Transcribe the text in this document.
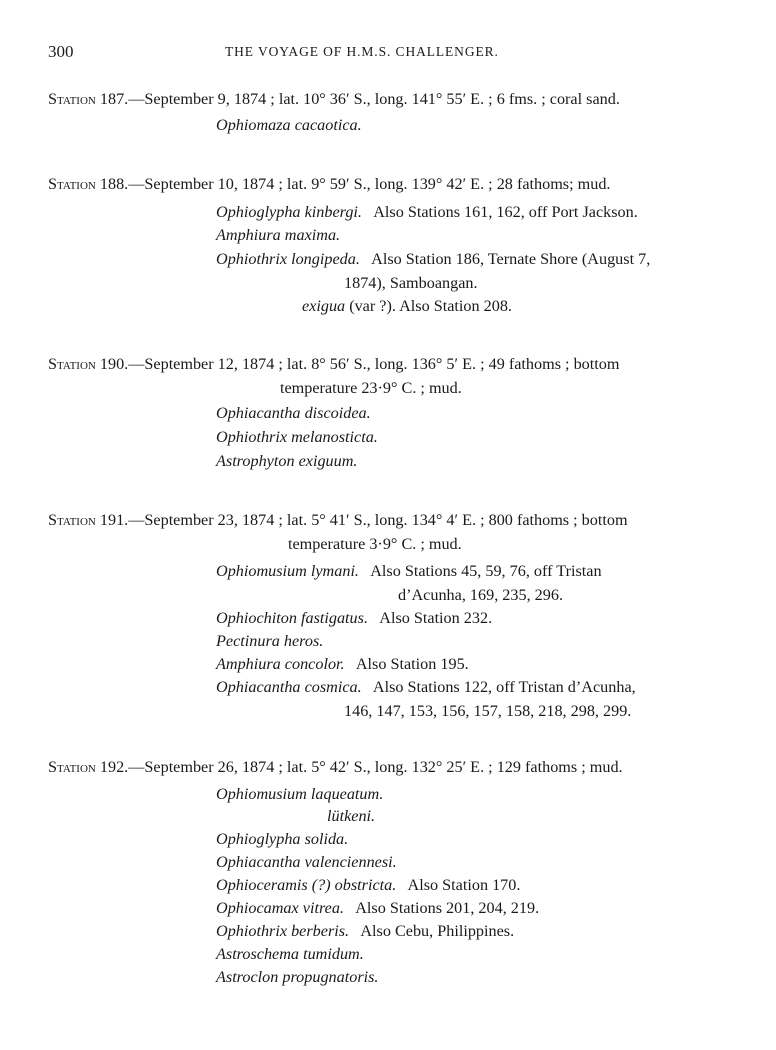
300	THE VOYAGE OF H.M.S. CHALLENGER.
Station 187.—September 9, 1874 ; lat. 10° 36′ S., long. 141° 55′ E. ; 6 fms. ; coral sand.
Ophiomaza cacaotica.
Station 188.—September 10, 1874 ; lat. 9° 59′ S., long. 139° 42′ E. ; 28 fathoms; mud.
Ophioglypha kinbergi. Also Stations 161, 162, off Port Jackson.
Amphiura maxima.
Ophiothrix longipeda. Also Station 186, Ternate Shore (August 7,
1874), Samboangan.
exigua (var ?). Also Station 208.
Station 190.—September 12, 1874 ; lat. 8° 56′ S., long. 136° 5′ E. ; 49 fathoms ; bottom
temperature 23·9° C. ; mud.
Ophiacantha discoidea.
Ophiothrix melanosticta.
Astrophyton exiguum.
Station 191.—September 23, 1874 ; lat. 5° 41′ S., long. 134° 4′ E. ; 800 fathoms ; bottom
temperature 3·9° C. ; mud.
Ophiomusium lymani. Also Stations 45, 59, 76, off Tristan
d’Acunha, 169, 235, 296.
Ophiochiton fastigatus. Also Station 232.
Pectinura heros.
Amphiura concolor. Also Station 195.
Ophiacantha cosmica. Also Stations 122, off Tristan d’Acunha,
146, 147, 153, 156, 157, 158, 218, 298, 299.
Station 192.—September 26, 1874 ; lat. 5° 42′ S., long. 132° 25′ E. ; 129 fathoms ; mud.
Ophiomusium laqueatum.
lütkeni.
Ophioglypha solida.
Ophiacantha valenciennesi.
Ophioceramis (?) obstricta. Also Station 170.
Ophiocamax vitrea. Also Stations 201, 204, 219.
Ophiothrix berberis. Also Cebu, Philippines.
Astroschema tumidum.
Astroclon propugnatoris.
